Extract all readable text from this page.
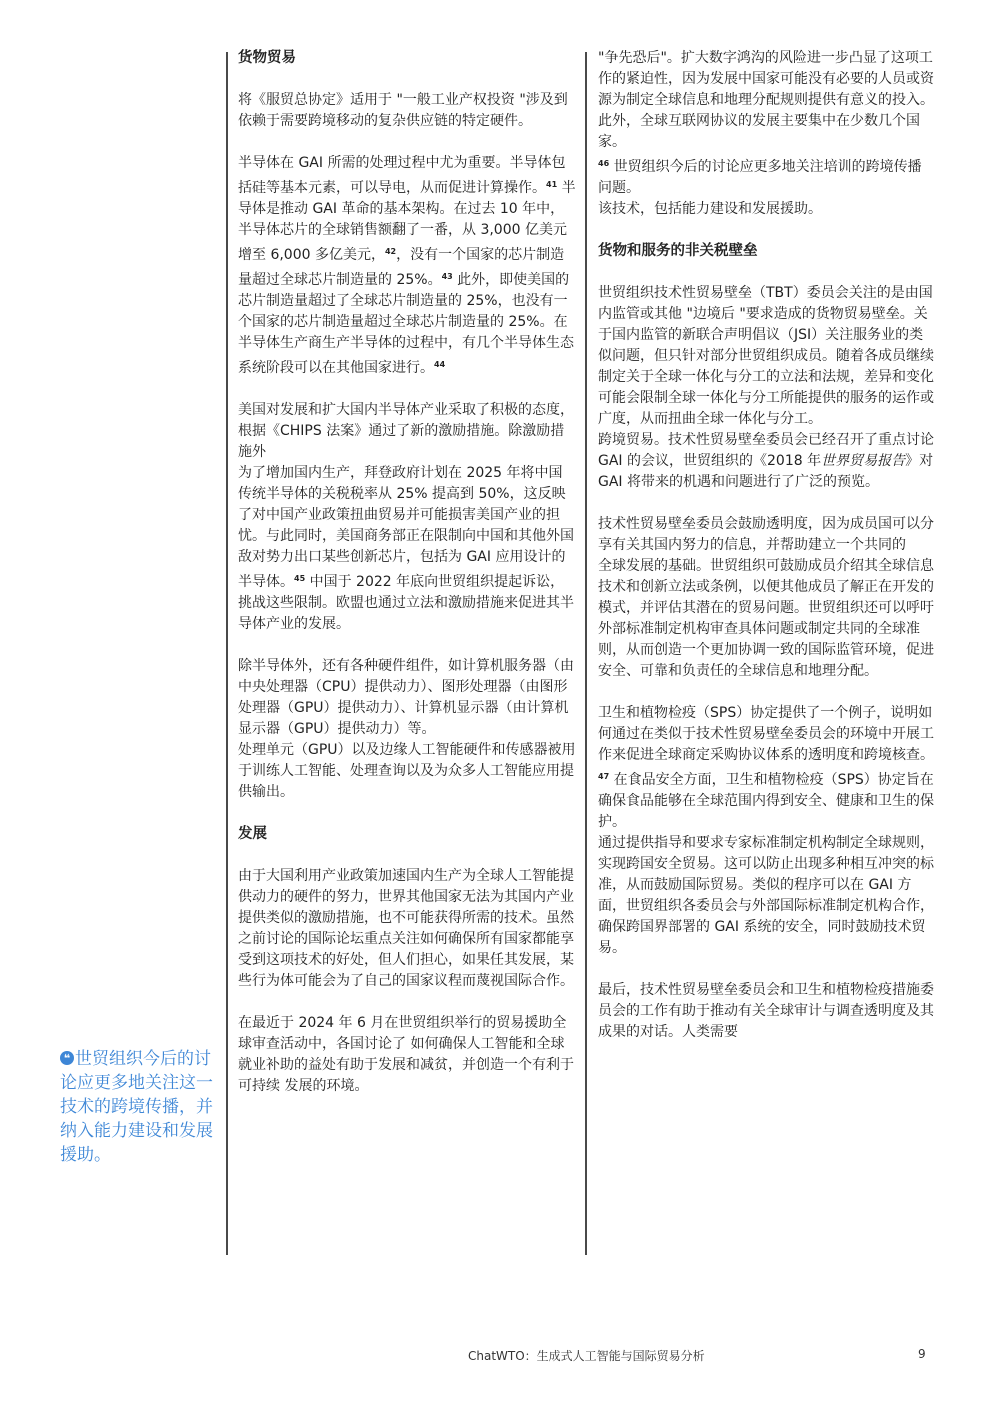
❝ 世贸组织今后的讨论应更多地关注这一技术的跨境传播，并纳入能力建设和发展援助。

货物贸易

将《服贸总协定》适用于 "一般工业产权投资 "涉及到依赖于需要跨境移动的复杂供应链的特定硬件。

半导体在 GAI 所需的处理过程中尤为重要。半导体包括硅等基本元素，可以导电，从而促进计算操作。$^{41}$ 半导体是推动 GAI 革命的基本架构。在过去 10 年中，半导体芯片的全球销售额翻了一番，从 3,000 亿美元增至 6,000 多亿美元，$^{42}$，没有一个国家的芯片制造量超过全球芯片制造量的 25%。$^{43}$ 此外，即使美国的芯片制造量超过了全球芯片制造量的 25%，也没有一个国家的芯片制造量超过全球芯片制造量的 25%。在半导体生产商生产半导体的过程中，有几个半导体生态系统阶段可以在其他国家进行。$^{44}$

美国对发展和扩大国内半导体产业采取了积极的态度，根据《CHIPS 法案》通过了新的激励措施。除激励措施外

为了增加国内生产，拜登政府计划在 2025 年将中国传统半导体的关税税率从 25% 提高到 50%，这反映了对中国产业政策扭曲贸易并可能损害美国产业的担忧。与此同时，美国商务部正在限制向中国和其他外国敌对势力出口某些创新芯片，包括为 GAI 应用设计的半导体。$^{45}$ 中国于 2022 年底向世贸组织提起诉讼，挑战这些限制。欧盟也通过立法和激励措施来促进其半导体产业的发展。

除半导体外，还有各种硬件组件，如计算机服务器（由中央处理器（CPU）提供动力）、图形处理器（由图形处理器（GPU）提供动力）、计算机显示器（由计算机显示器（GPU）提供动力）等。

处理单元（GPU）以及边缘人工智能硬件和传感器被用于训练人工智能、处理查询以及为众多人工智能应用提供输出。

发展

由于大国利用产业政策加速国内生产为全球人工智能提供动力的硬件的努力，世界其他国家无法为其国内产业提供类似的激励措施，也不可能获得所需的技术。虽然之前讨论的国际论坛重点关注如何确保所有国家都能享受到这项技术的好处，但人们担心，如果任其发展，某些行为体可能会为了自己的国家议程而蔑视国际合作。

在最近于 2024 年 6 月在世贸组织举行的贸易援助全球审查活动中，各国讨论了 如何确保人工智能和全球就业补助的益处有助于发展和减贫，并创造一个有利于可持续 发展的环境。

"争先恐后"。扩大数字鸿沟的风险进一步凸显了这项工作的紧迫性，因为发展中国家可能没有必要的人员或资源为制定全球信息和地理分配规则提供有意义的投入。此外，全球互联网协议的发展主要集中在少数几个国家。
$^{46}$ 世贸组织今后的讨论应更多地关注培训的跨境传播问题。

该技术，包括能力建设和发展援助。

货物和服务的非关税壁垒

世贸组织技术性贸易壁垒（TBT）委员会关注的是由国内监管或其他 "边境后 "要求造成的货物贸易壁垒。关于国内监管的新联合声明倡议（JSI）关注服务业的类似问题，但只针对部分世贸组织成员。随着各成员继续制定关于全球一体化与分工的立法和法规，差异和变化可能会限制全球一体化与分工所能提供的服务的运作或广度，从而扭曲全球一体化与分工。

跨境贸易。技术性贸易壁垒委员会已经召开了重点讨论 GAI 的会议，世贸组织的《2018 年世界贸易报告》对 GAI 将带来的机遇和问题进行了广泛的预览。

技术性贸易壁垒委员会鼓励透明度，因为成员国可以分享有关其国内努力的信息，并帮助建立一个共同的

全球发展的基础。世贸组织可鼓励成员介绍其全球信息技术和创新立法或条例，以便其他成员了解正在开发的模式，并评估其潜在的贸易问题。世贸组织还可以呼吁外部标准制定机构审查具体问题或制定共同的全球准则，从而创造一个更加协调一致的国际监管环境，促进安全、可靠和负责任的全球信息和地理分配。

卫生和植物检疫（SPS）协定提供了一个例子，说明如何通过在类似于技术性贸易壁垒委员会的环境中开展工作来促进全球商定采购协议体系的透明度和跨境核查。$^{47}$ 在食品安全方面，卫生和植物检疫（SPS）协定旨在确保食品能够在全球范围内得到安全、健康和卫生的保护。

通过提供指导和要求专家标准制定机构制定全球规则，实现跨国安全贸易。这可以防止出现多种相互冲突的标准，从而鼓励国际贸易。类似的程序可以在 GAI 方面，世贸组织各委员会与外部国际标准制定机构合作，确保跨国界部署的 GAI 系统的安全，同时鼓励技术贸易。

最后，技术性贸易壁垒委员会和卫生和植物检疫措施委员会的工作有助于推动有关全球审计与调查透明度及其成果的对话。人类需要

ChatWTO：生成式人工智能与国际贸易分析	9
